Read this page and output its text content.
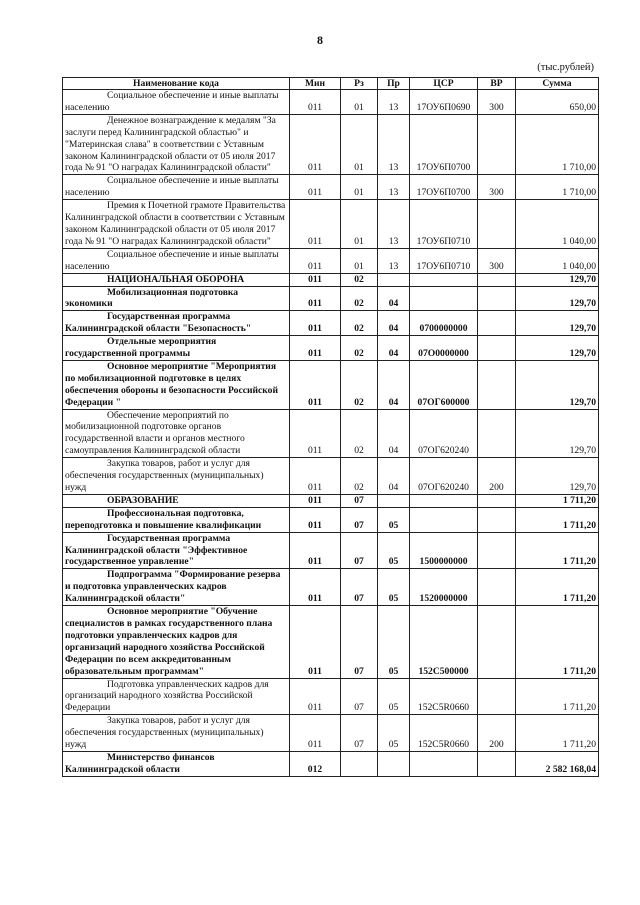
8
(тыс.рублей)
Наименование кода	Мин	Рз	Пр	ЦСР	ВР	Сумма
Социальное обеспечение и иные выплаты населению	011	01	13	17ОУ6П0690	300	650,00
Денежное вознаграждение к медалям "За заслуги перед Калининградской областью" и "Материнская слава" в соответствии с Уставным законом Калининградской области от 05 июля 2017 года № 91 "О наградах Калининградской области"	011	01	13	17ОУ6П0700		1 710,00
Социальное обеспечение и иные выплаты населению	011	01	13	17ОУ6П0700	300	1 710,00
Премия к Почетной грамоте Правительства Калининградской области в соответствии с Уставным законом Калининградской области от 05 июля 2017 года № 91 "О наградах Калининградской области"	011	01	13	17ОУ6П0710		1 040,00
Социальное обеспечение и иные выплаты населению	011	01	13	17ОУ6П0710	300	1 040,00
НАЦИОНАЛЬНАЯ ОБОРОНА	011	02				129,70
Мобилизационная подготовка экономики	011	02	04			129,70
Государственная программа Калининградской области "Безопасность"	011	02	04	0700000000		129,70
Отдельные мероприятия государственной программы	011	02	04	07О0000000		129,70
Основное мероприятие "Мероприятия по мобилизационной подготовке в целях обеспечения обороны и безопасности Российской Федерации "	011	02	04	07ОГ600000		129,70
Обеспечение мероприятий по мобилизационной подготовке органов государственной власти и органов местного самоуправления Калининградской области	011	02	04	07ОГ620240		129,70
Закупка товаров, работ и услуг для обеспечения государственных (муниципальных) нужд	011	02	04	07ОГ620240	200	129,70
ОБРАЗОВАНИЕ	011	07				1 711,20
Профессиональная подготовка, переподготовка и повышение квалификации	011	07	05			1 711,20
Государственная программа Калининградской области "Эффективное государственное управление"	011	07	05	1500000000		1 711,20
Подпрограмма "Формирование резерва и подготовка управленческих кадров Калининградской области"	011	07	05	1520000000		1 711,20
Основное мероприятие "Обучение специалистов в рамках государственного плана подготовки управленческих кадров для организаций народного хозяйства Российской Федерации по всем аккредитованным образовательным программам"	011	07	05	152С500000		1 711,20
Подготовка управленческих кадров для организаций народного хозяйства Российской Федерации	011	07	05	152С5R0660		1 711,20
Закупка товаров, работ и услуг для обеспечения государственных (муниципальных) нужд	011	07	05	152С5R0660	200	1 711,20
Министерство финансов Калининградской области	012					2 582 168,04
